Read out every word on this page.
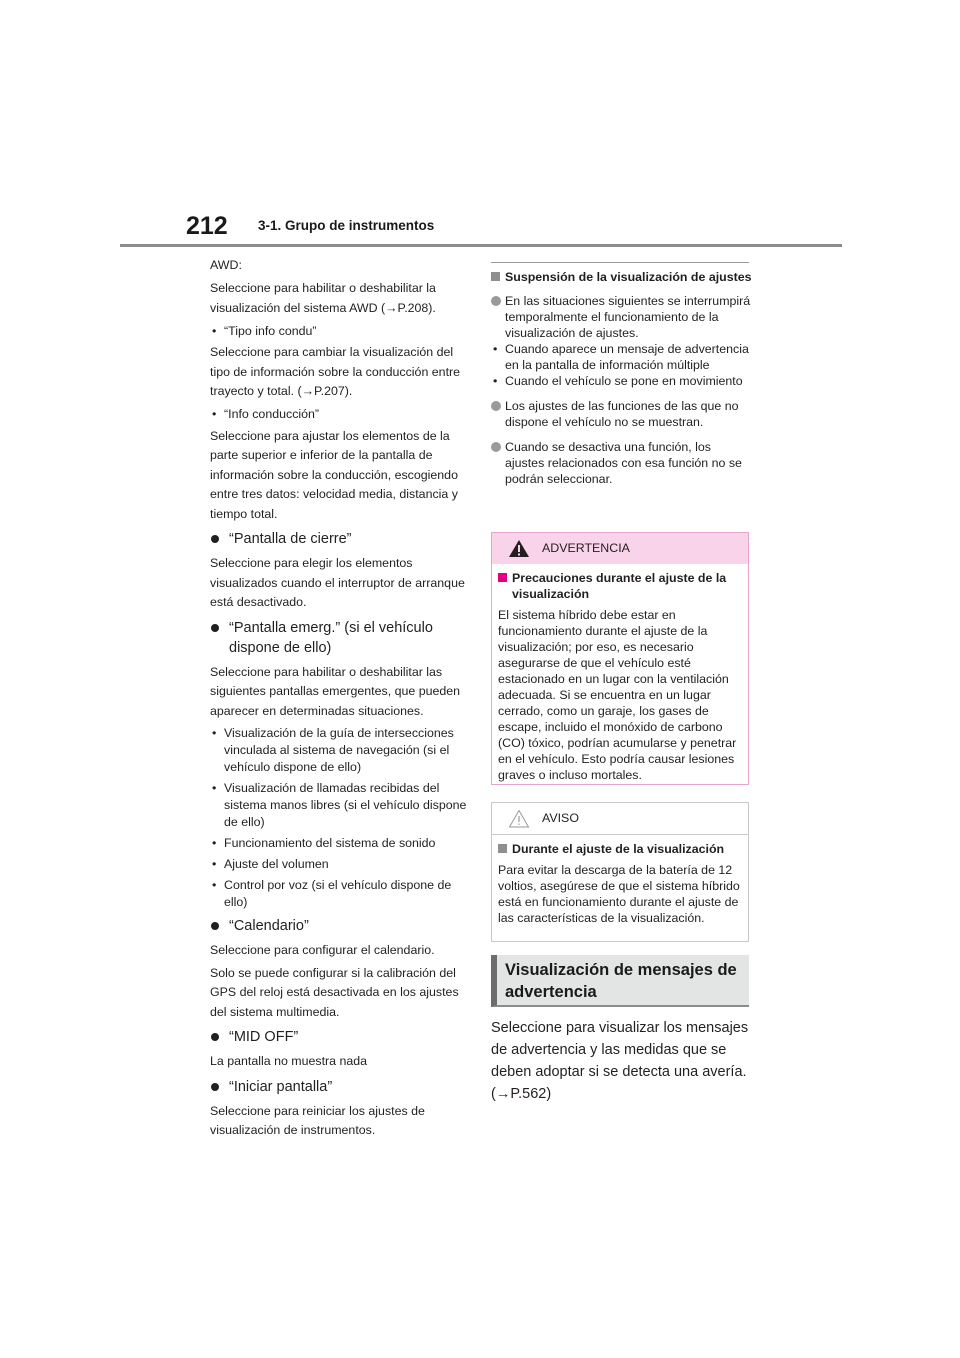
212 3-1. Grupo de instrumentos

AWD:

Seleccione para habilitar o deshabilitar la visualización del sistema AWD (→P.208).

• “Tipo info condu”

Seleccione para cambiar la visualización del tipo de información sobre la conducción entre trayecto y total. (→P.207).

• “Info conducción”

Seleccione para ajustar los elementos de la parte superior e inferior de la pantalla de información sobre la conducción, escogiendo entre tres datos: velocidad media, distancia y tiempo total.

“Pantalla de cierre”

Seleccione para elegir los elementos visualizados cuando el interruptor de arranque está desactivado.

“Pantalla emerg.” (si el vehículo dispone de ello)

Seleccione para habilitar o deshabilitar las siguientes pantallas emergentes, que pueden aparecer en determinadas situaciones.

• Visualización de la guía de intersecciones vinculada al sistema de navegación (si el vehículo dispone de ello)
• Visualización de llamadas recibidas del sistema manos libres (si el vehículo dispone de ello)
• Funcionamiento del sistema de sonido
• Ajuste del volumen
• Control por voz (si el vehículo dispone de ello)
“Calendario”

Seleccione para configurar el calendario.

Solo se puede configurar si la calibración del GPS del reloj está desactivada en los ajustes del sistema multimedia.

“MID OFF”

La pantalla no muestra nada

“Iniciar pantalla”

Seleccione para reiniciar los ajustes de visualización de instrumentos.

Suspensión de la visualización de ajustes
En las situaciones siguientes se interrumpirá temporalmente el funcionamiento de la visualización de ajustes.
• Cuando aparece un mensaje de advertencia en la pantalla de información múltiple
• Cuando el vehículo se pone en movimiento
Los ajustes de las funciones de las que no dispone el vehículo no se muestran.
Cuando se desactiva una función, los ajustes relacionados con esa función no se podrán seleccionar.
ADVERTENCIA
Precauciones durante el ajuste de la visualización

El sistema híbrido debe estar en funcionamiento durante el ajuste de la visualización; por eso, es necesario asegurarse de que el vehículo esté estacionado en un lugar con la ventilación adecuada. Si se encuentra en un lugar cerrado, como un garaje, los gases de escape, incluido el monóxido de carbono (CO) tóxico, podrían acumularse y penetrar en el vehículo. Esto podría causar lesiones graves o incluso mortales.

AVISO
Durante el ajuste de la visualización

Para evitar la descarga de la batería de 12 voltios, asegúrese de que el sistema híbrido está en funcionamiento durante el ajuste de las características de la visualización.

Visualización de mensajes de advertencia
Seleccione para visualizar los mensajes de advertencia y las medidas que se deben adoptar si se detecta una avería. (→P.562)
